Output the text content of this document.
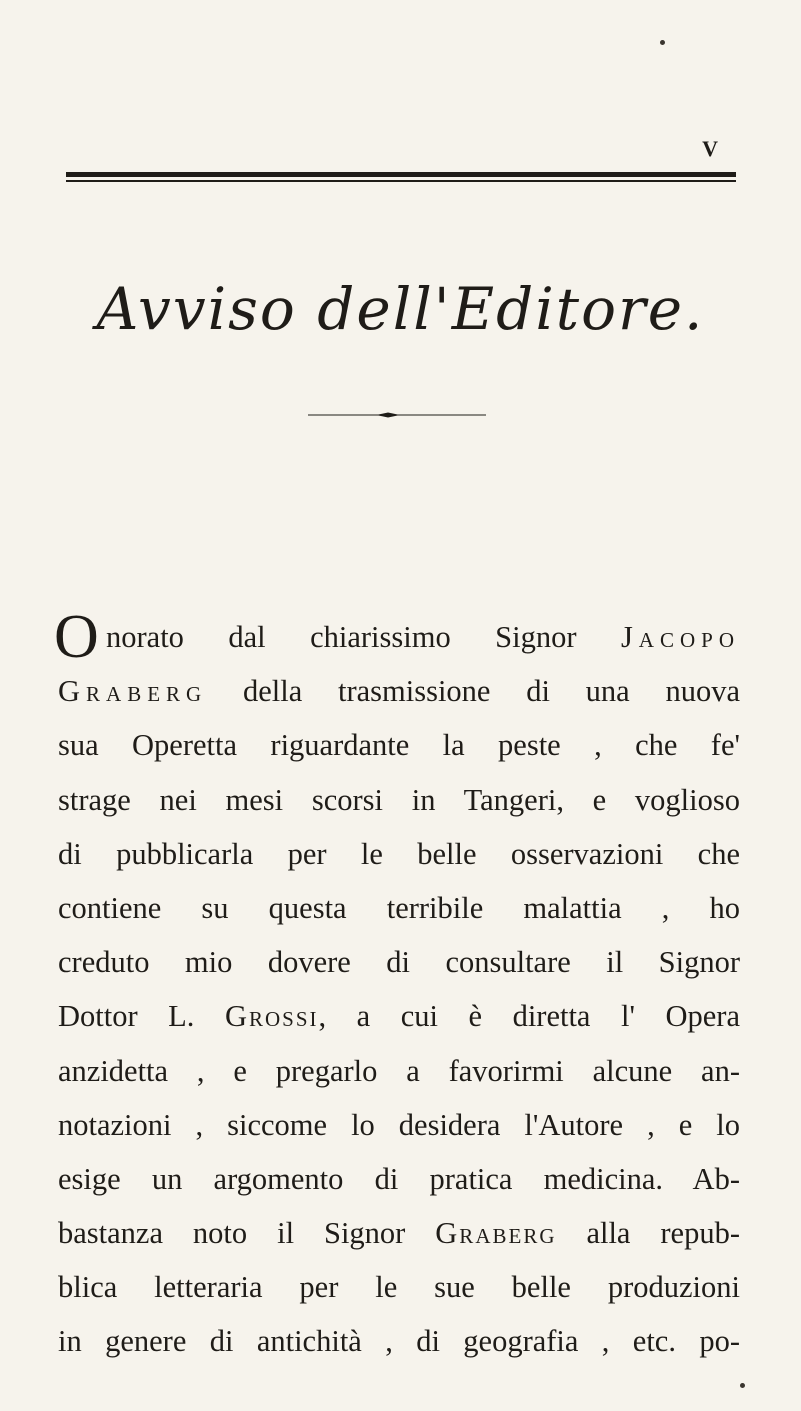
V
Avviso dell'Editore.
O norato dal chiarissimo Signor Jacopo
Graberg della trasmissione di una nuova
sua Operetta riguardante la peste , che fe'
strage nei mesi scorsi in Tangeri, e voglioso
di pubblicarla per le belle osservazioni che
contiene su questa terribile malattia , ho
creduto mio dovere di consultare il Signor
Dottor L. Grossi, a cui è diretta l' Opera
anzidetta , e pregarlo a favorirmi alcune an-
notazioni , siccome lo desidera l'Autore , e lo
esige un argomento di pratica medicina. Ab-
bastanza noto il Signor Graberg alla repub-
blica letteraria per le sue belle produzioni
in genere di antichità , di geografia , etc. po-
